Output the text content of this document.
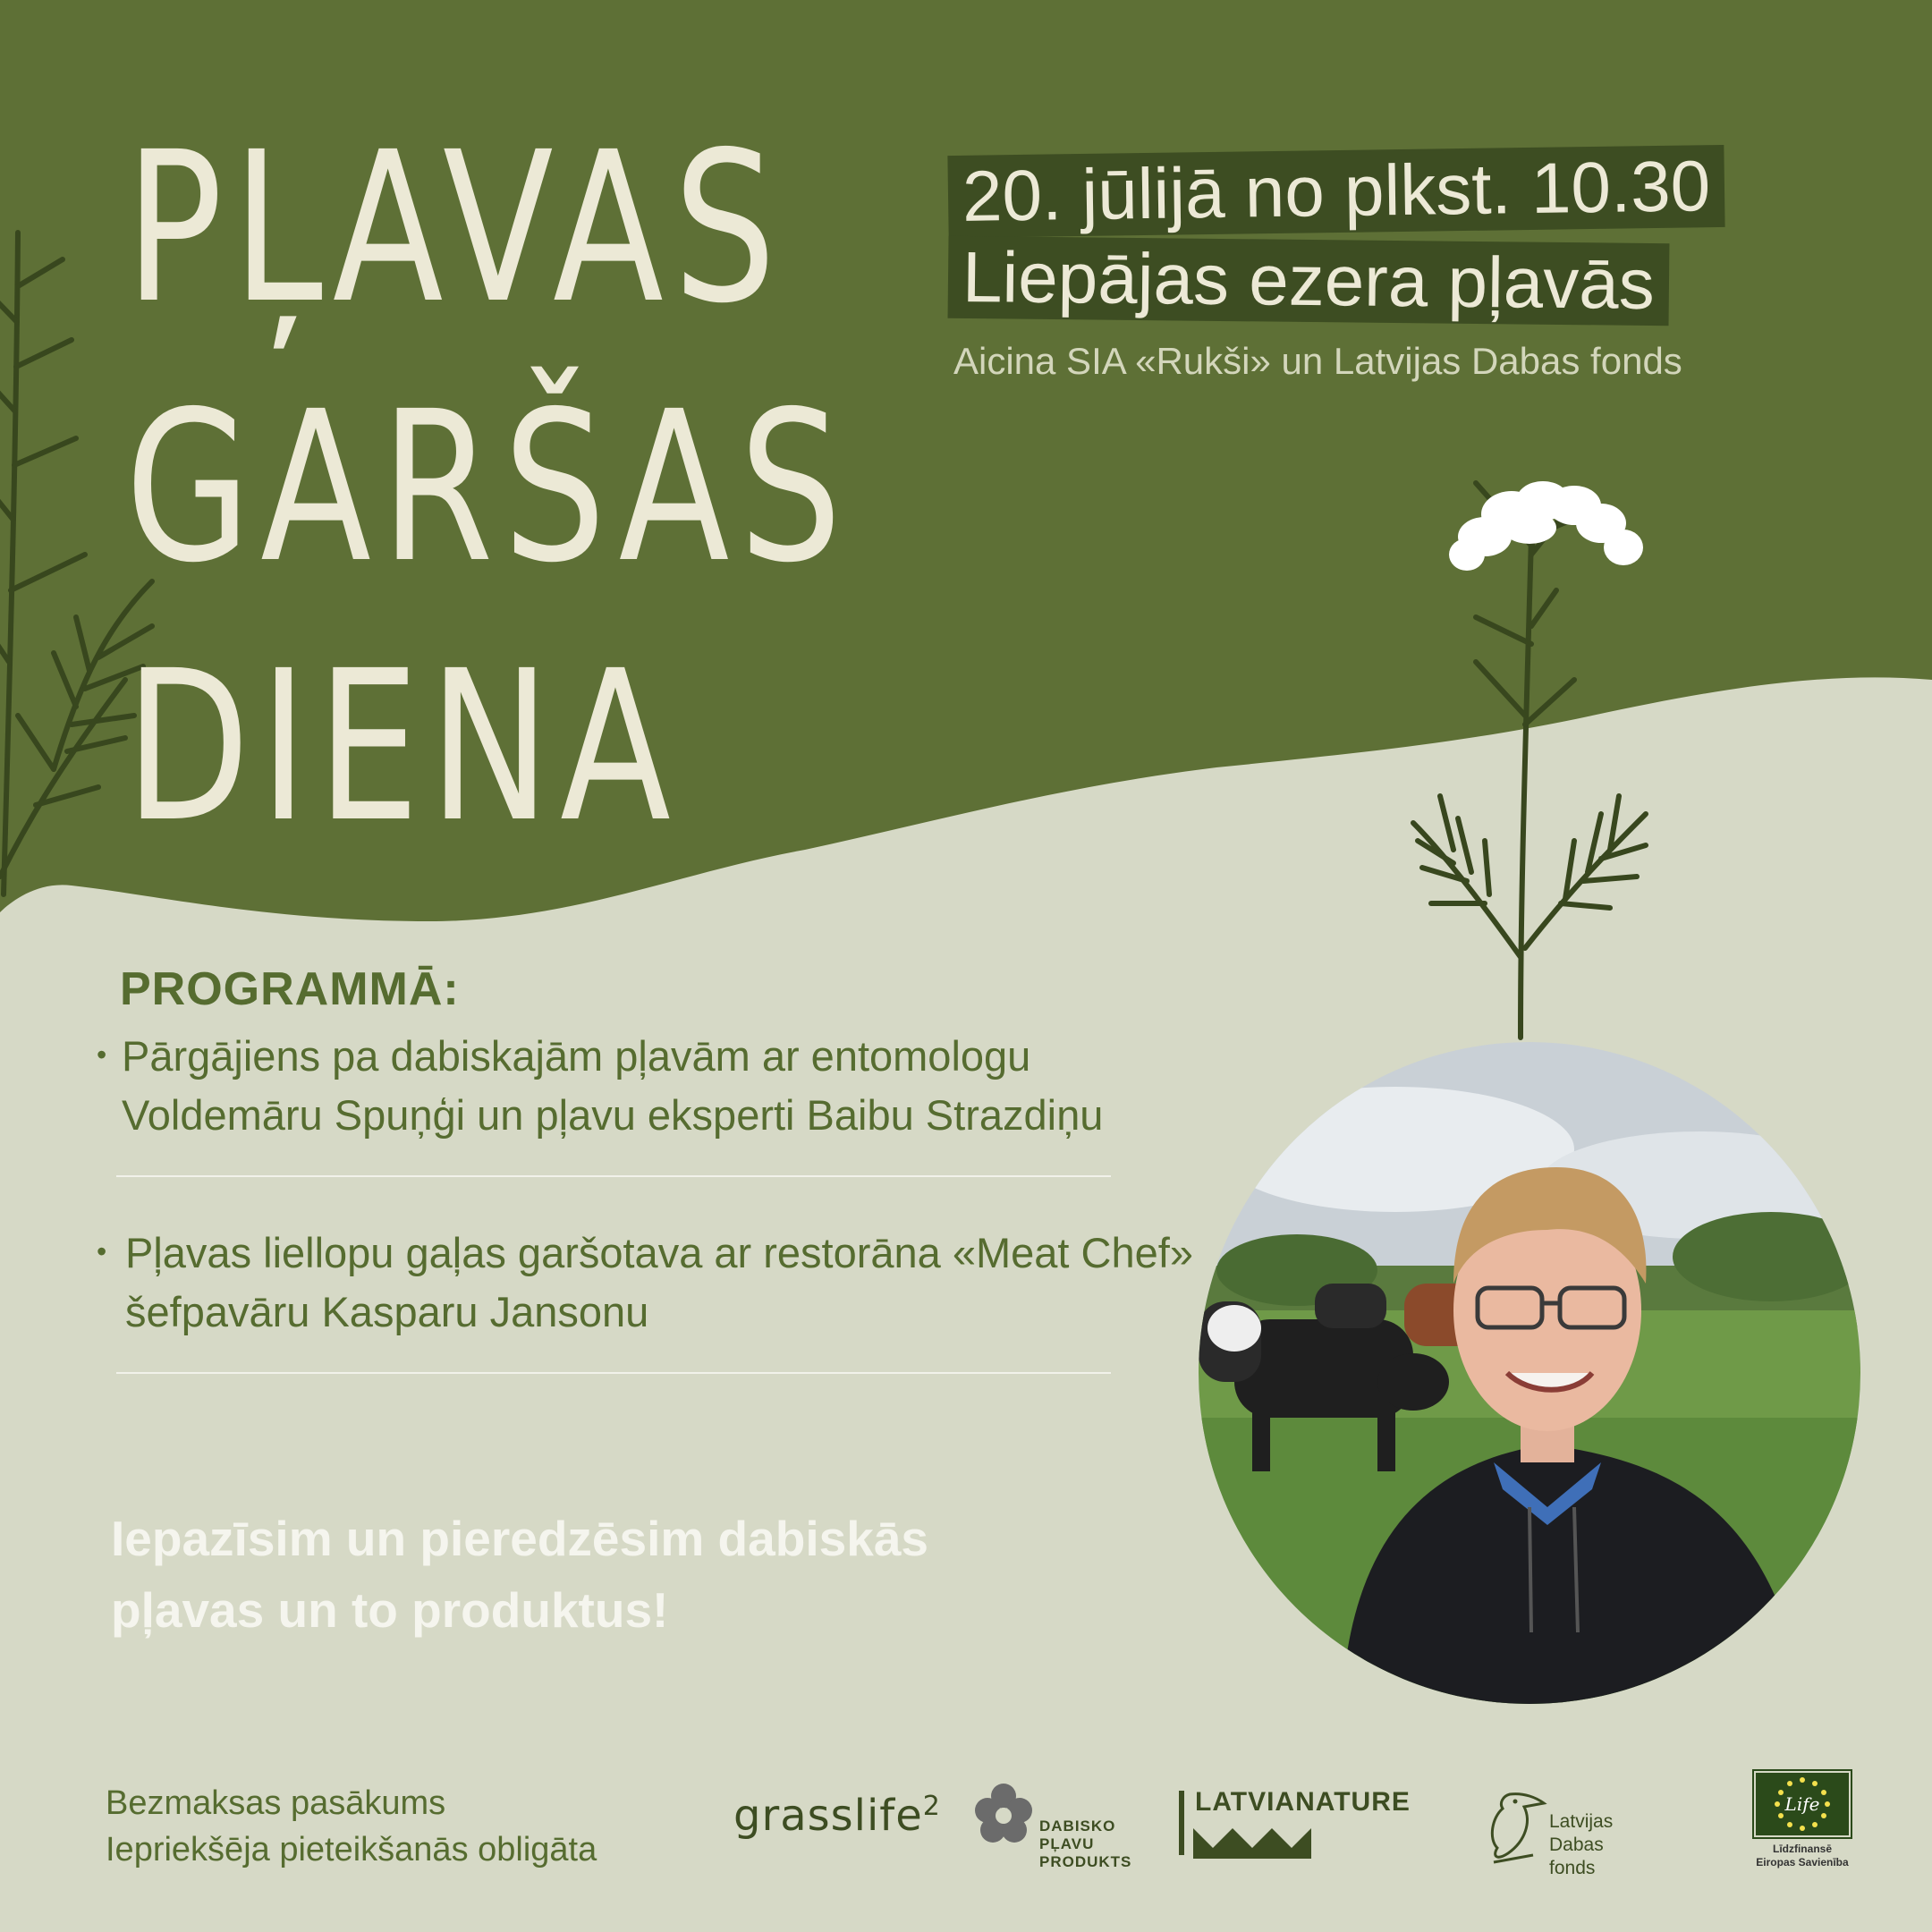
PĻAVAS
GARŠAS
DIENA
20. jūlijā no plkst. 10.30
Liepājas ezera pļavās
Aicina SIA «Rukši» un Latvijas Dabas fonds
PROGRAMMĀ:
• Pārgājiens pa dabiskajām pļavām ar entomologu Voldemāru Spuņģi un pļavu eksperti Baibu Strazdiņu
• Pļavas liellopu gaļas garšotava ar restorāna «Meat Chef» šefpavāru Kasparu Jansonu
Iepazīsim un pieredzēsim dabiskās pļavas un to produktus!
Bezmaksas pasākums
Iepriekšēja pieteikšanās obligāta
grasslife$^2$
DABISKO
PĻAVU
PRODUKTS
LATVIANATURE
Latvijas
Dabas fonds
Life
Līdzfinansē
Eiropas Savienība
